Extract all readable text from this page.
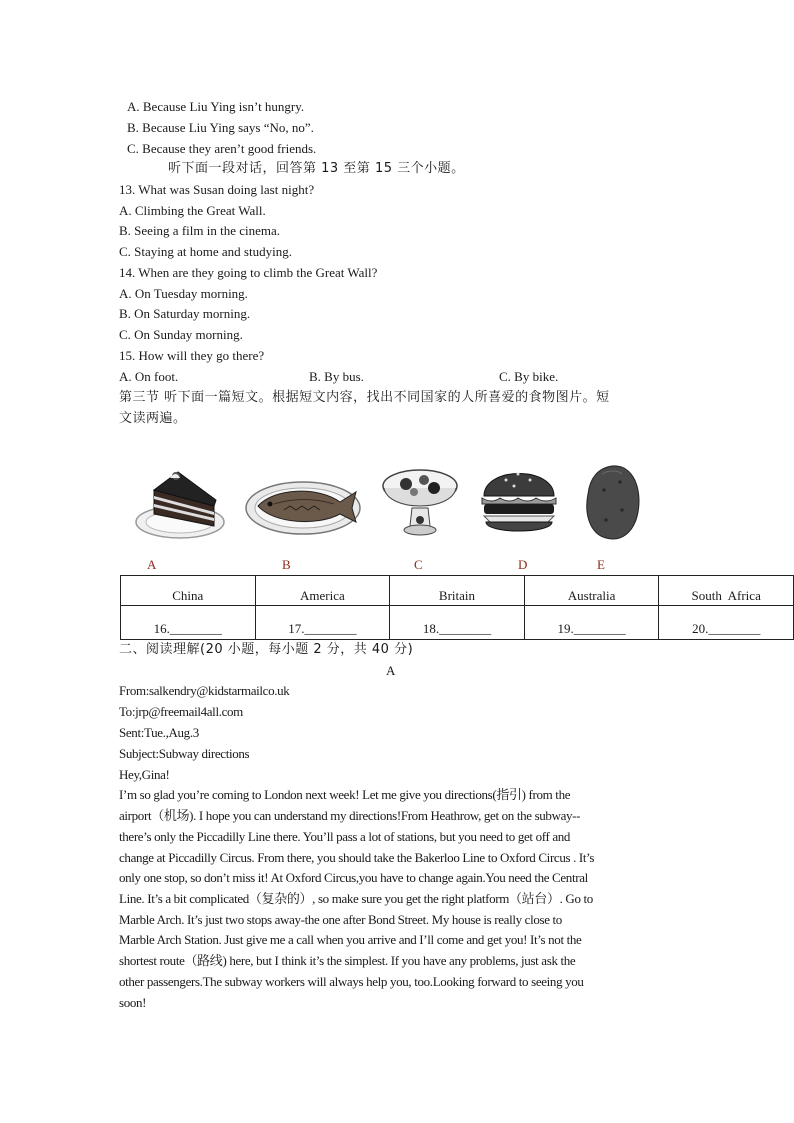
A. Because Liu Ying isn’t hungry.
B. Because Liu Ying says “No, no”.
C. Because they aren’t good friends.
听下面一段对话，回答第 13 至第 15 三个小题。
13. What was Susan doing last night?
A. Climbing the Great Wall.
B. Seeing a film in the cinema.
C. Staying at home and studying.
14. When are they going to climb the Great Wall?
A. On Tuesday morning.
B. On Saturday morning.
C. On Sunday morning.
15. How will they go there?
A. On foot.	B. By bus.	C. By bike.
第三节 听下面一篇短文。根据短文内容，找出不同国家的人所喜爱的食物图片。短
文读两遍。
A	B	C	D	E
China	America	Britain	Australia	South  Africa
16.________	17.________	18.________	19.________	20.________
二、阅读理解(20 小题，每小题 2 分，共 40 分)
A
From:salkendry@kidstarmailco.uk
To:jrp@freemail4all.com
Sent:Tue.,Aug.3
Subject:Subway directions
Hey,Gina!
I’m so glad you’re coming to London next week! Let me give you directions(指引) from the
airport（机场). I hope you can understand my directions!From Heathrow, get on the subway--
there’s only the Piccadilly Line there. You’ll pass a lot of stations, but you need to get off and
change at Piccadilly Circus. From there, you should take the Bakerloo Line to Oxford Circus . It’s
only one stop, so don’t miss it! At Oxford Circus,you have to change again.You need the Central
Line. It’s a bit complicated（复杂的）, so make sure you get the right platform（站台）. Go to
Marble Arch. It’s just two stops away-the one after Bond Street. My house is really close to
Marble Arch Station. Just give me a call when you arrive and I’ll come and get you! It’s not the
shortest route（路线) here, but I think it’s the simplest. If you have any problems, just ask the
other passengers.The subway workers will always help you, too.Looking forward to seeing you
soon!
